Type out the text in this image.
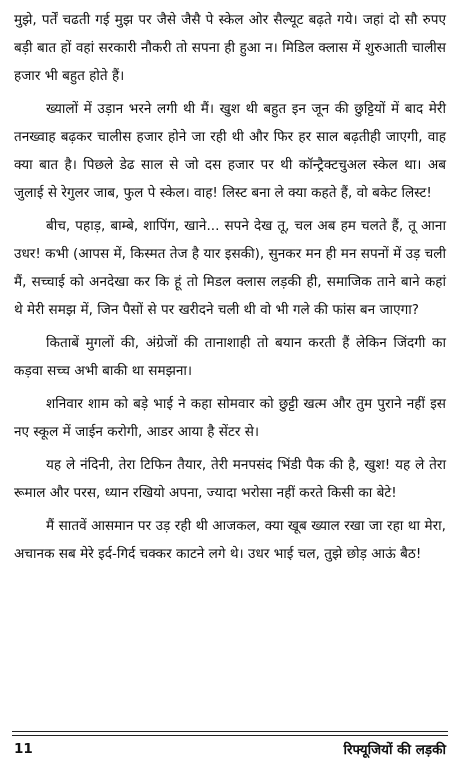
मुझे, पर्तें चढती गई मुझ पर जैसे जैसै पे स्केल ओर सैल्यूट बढ़ते गये। जहां दो सौ रुपए बड़ी बात हों वहां सरकारी नौकरी तो सपना ही हुआ न। मिडिल क्लास में शुरुआती चालीस हजार भी बहुत होते हैं।

ख्यालों में उड़ान भरने लगी थी मैं। खुश थी बहुत इन जून की छुट्टियों में बाद मेरी तनख्वाह बढ़कर चालीस हजार होने जा रही थी और फिर हर साल बढ़तीही जाएगी, वाह क्या बात है। पिछले डेढ साल से जो दस हजार पर थी कॉन्ट्रैक्टचुअल स्केल था। अब जुलाई से रेगुलर जाब, फुल पे स्केल। वाह! लिस्ट बना ले क्या कहते हैं, वो बकेट लिस्ट!

बीच, पहाड़, बाम्बे, शापिंग, खाने... सपने देख तू, चल अब हम चलते हैं, तू आना उधर! कभी (आपस में, किस्मत तेज है यार इसकी), सुनकर मन ही मन सपनों में उड़ चली मैं, सच्चाई को अनदेखा कर कि हूं तो मिडल क्लास लड़की ही, समाजिक ताने बाने कहां थे मेरी समझ में, जिन पैसों से पर खरीदने चली थी वो भी गले की फांस बन जाएगा?

किताबें मुगलों की, अंग्रेजों की तानाशाही तो बयान करती हैं लेकिन जिंदगी का कड़वा सच्च अभी बाकी था समझना।

शनिवार शाम को बड़े भाई ने कहा सोमवार को छुट्टी खत्म और तुम पुराने नहीं इस नए स्कूल में जाईन करोगी, आडर आया है सेंटर से।

यह ले नंदिनी, तेरा टिफिन तैयार, तेरी मनपसंद भिंडी पैक की है, खुश! यह ले तेरा रूमाल और परस, ध्यान रखियो अपना, ज्यादा भरोसा नहीं करते किसी का बेटे!

मैं सातवें आसमान पर उड़ रही थी आजकल, क्या खूब ख्याल रखा जा रहा था मेरा, अचानक सब मेरे इर्द-गिर्द चक्कर काटने लगे थे। उधर भाई चल, तुझे छोड़ आऊं बैठ!

11	रिफ्यूजियों की लड़की
